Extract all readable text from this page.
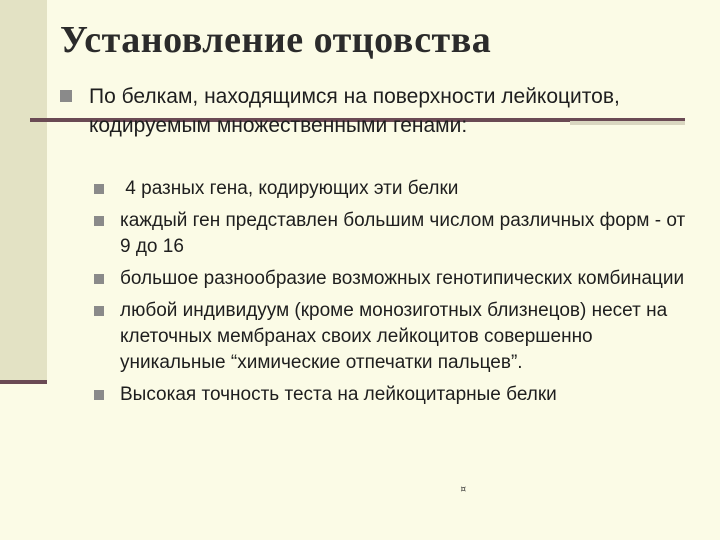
Установление отцовства
По белкам, находящимся на поверхности лейкоцитов, кодируемым множественными генами:
4 разных гена, кодирующих эти белки
каждый ген представлен большим числом различных форм - от 9 до 16
большое разнообразие возможных генотипических комбинации
любой индивидуум (кроме монозиготных близнецов) несет на клеточных мембранах своих лейкоцитов совершенно уникальные “химические отпечатки пальцев”.
Высокая точность теста на лейкоцитарные белки
¤
